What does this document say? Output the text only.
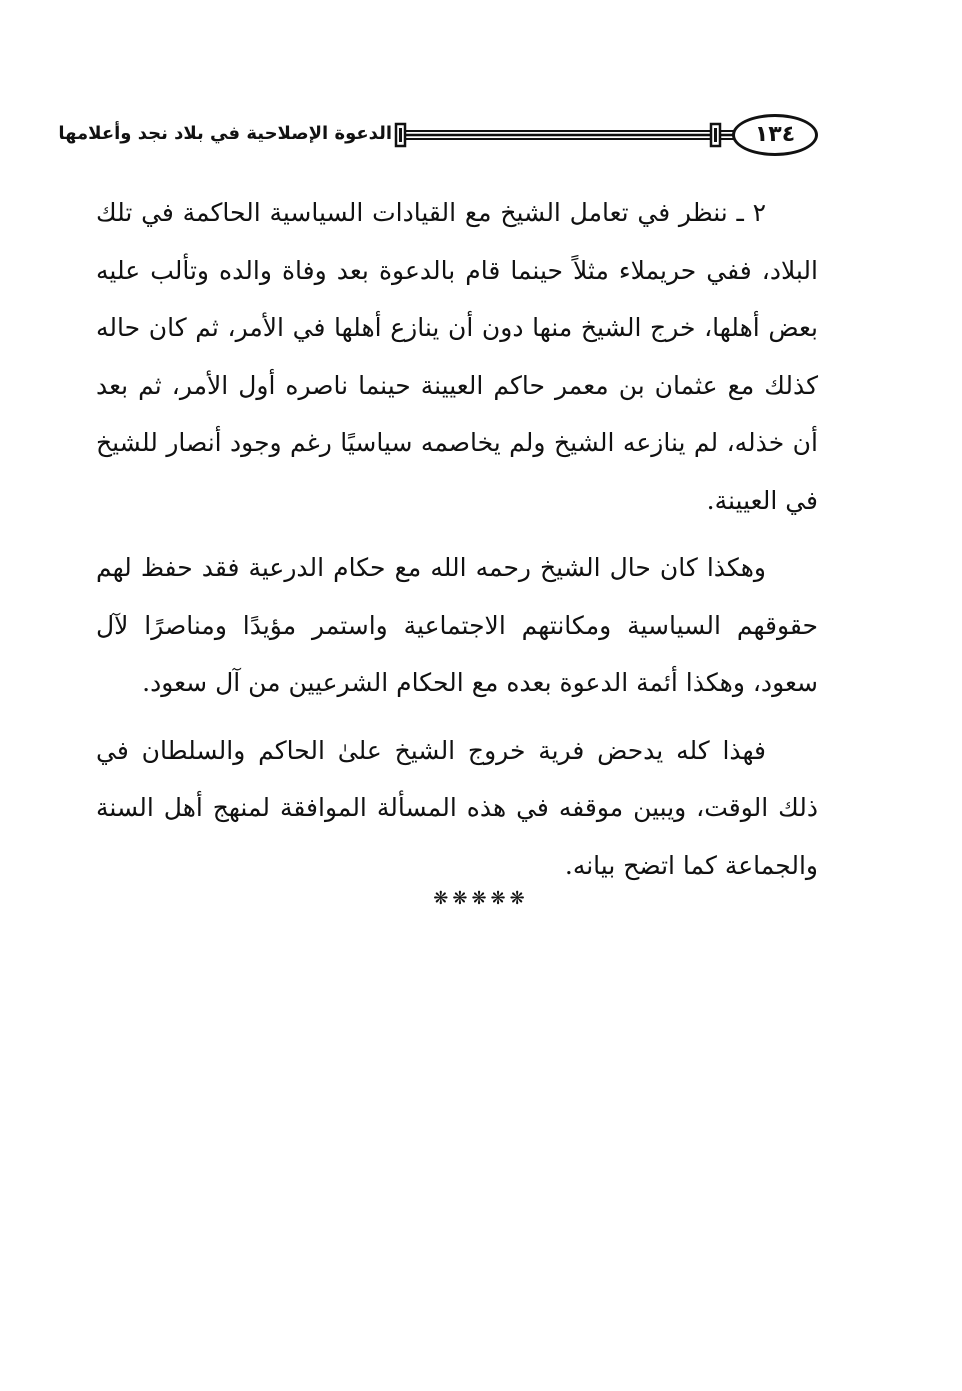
الدعوة الإصلاحية في بلاد نجد وأعلامها	١٣٤

٢ ـ ننظر في تعامل الشيخ مع القيادات السياسية الحاكمة في تلك البلاد، ففي حريملاء مثلاً حينما قام بالدعوة بعد وفاة والده وتألب عليه بعض أهلها، خرج الشيخ منها دون أن ينازع أهلها في الأمر، ثم كان حاله كذلك مع عثمان بن معمر حاكم العيينة حينما ناصره أول الأمر، ثم بعد أن خذله، لم ينازعه الشيخ ولم يخاصمه سياسيًا رغم وجود أنصار للشيخ في العيينة.

وهكذا كان حال الشيخ رحمه الله مع حكام الدرعية فقد حفظ لهم حقوقهم السياسية ومكانتهم الاجتماعية واستمر مؤيدًا ومناصرًا لآل سعود، وهكذا أئمة الدعوة بعده مع الحكام الشرعيين من آل سعود.

فهذا كله يدحض فرية خروج الشيخ علىٰ الحاكم والسلطان في ذلك الوقت، ويبين موقفه في هذه المسألة الموافقة لمنهج أهل السنة والجماعة كما اتضح بيانه.

❋❋❋❋❋
